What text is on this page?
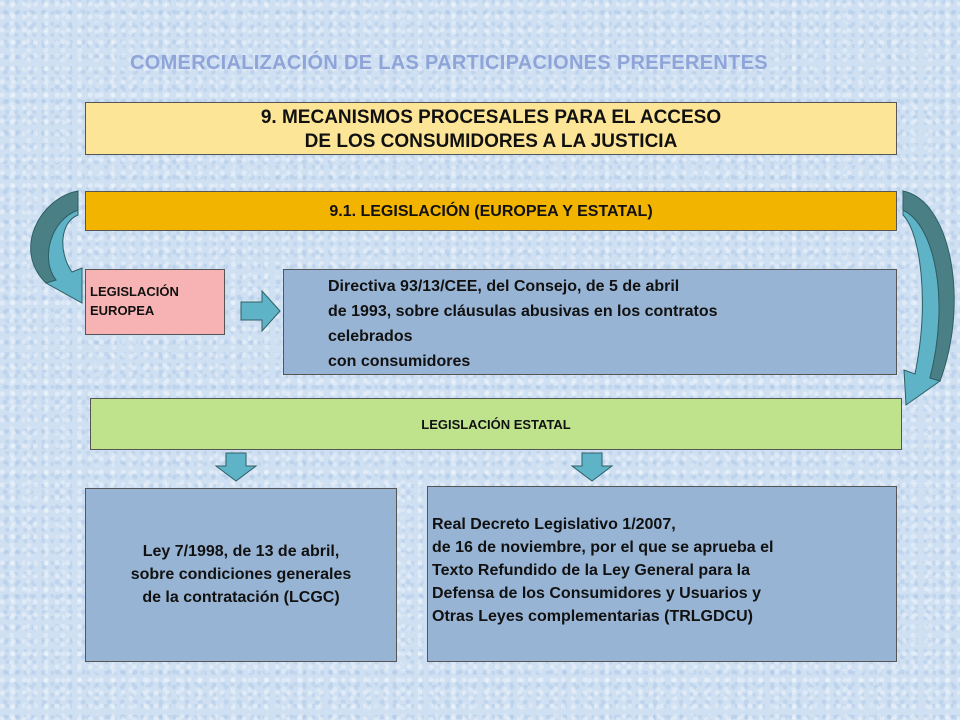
COMERCIALIZACIÓN DE LAS PARTICIPACIONES PREFERENTES
9. MECANISMOS PROCESALES PARA EL ACCESO
DE LOS CONSUMIDORES A LA JUSTICIA
9.1. LEGISLACIÓN (EUROPEA Y ESTATAL)
LEGISLACIÓN
EUROPEA
Directiva 93/13/CEE, del Consejo, de 5 de abril
de 1993, sobre cláusulas abusivas en los contratos
celebrados
con consumidores
LEGISLACIÓN ESTATAL
Ley 7/1998, de 13 de abril,
sobre condiciones generales
de la contratación (LCGC)
Real Decreto Legislativo 1/2007,
de 16 de noviembre, por el que se aprueba el
Texto Refundido de la Ley General para la
Defensa de los Consumidores y Usuarios y
Otras Leyes complementarias (TRLGDCU)
